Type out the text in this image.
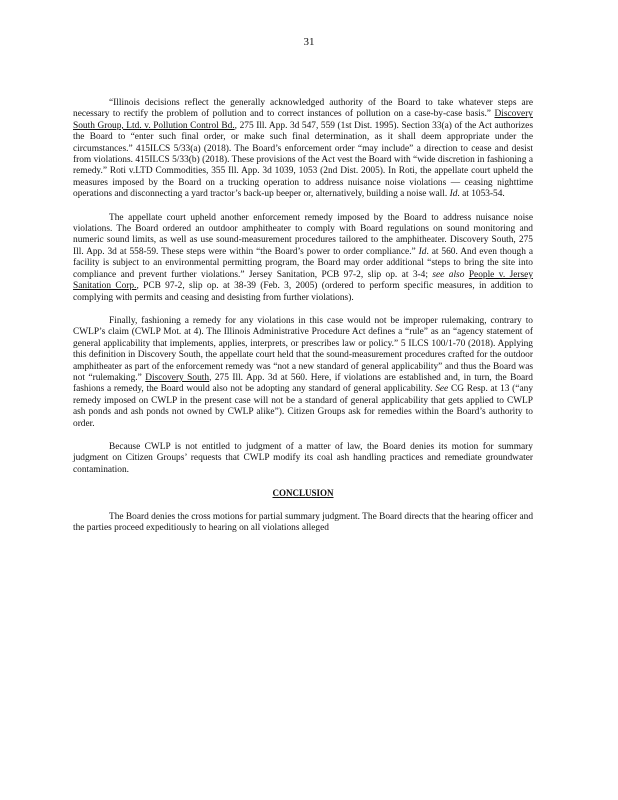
31

“Illinois decisions reflect the generally acknowledged authority of the Board to take whatever steps are necessary to rectify the problem of pollution and to correct instances of pollution on a case-by-case basis.” Discovery South Group, Ltd. v. Pollution Control Bd., 275 Ill. App. 3d 547, 559 (1st Dist. 1995). Section 33(a) of the Act authorizes the Board to “enter such final order, or make such final determination, as it shall deem appropriate under the circumstances.” 415ILCS 5/33(a) (2018). The Board’s enforcement order “may include” a direction to cease and desist from violations. 415ILCS 5/33(b) (2018). These provisions of the Act vest the Board with “wide discretion in fashioning a remedy.” Roti v.LTD Commodities, 355 Ill. App. 3d 1039, 1053 (2nd Dist. 2005). In Roti, the appellate court upheld the measures imposed by the Board on a trucking operation to address nuisance noise violations — ceasing nighttime operations and disconnecting a yard tractor’s back-up beeper or, alternatively, building a noise wall. Id. at 1053-54.

The appellate court upheld another enforcement remedy imposed by the Board to address nuisance noise violations. The Board ordered an outdoor amphitheater to comply with Board regulations on sound monitoring and numeric sound limits, as well as use sound-measurement procedures tailored to the amphitheater. Discovery South, 275 Ill. App. 3d at 558-59. These steps were within “the Board’s power to order compliance.” Id. at 560. And even though a facility is subject to an environmental permitting program, the Board may order additional “steps to bring the site into compliance and prevent further violations.” Jersey Sanitation, PCB 97-2, slip op. at 3-4; see also People v. Jersey Sanitation Corp., PCB 97-2, slip op. at 38-39 (Feb. 3, 2005) (ordered to perform specific measures, in addition to complying with permits and ceasing and desisting from further violations).

Finally, fashioning a remedy for any violations in this case would not be improper rulemaking, contrary to CWLP’s claim (CWLP Mot. at 4). The Illinois Administrative Procedure Act defines a “rule” as an “agency statement of general applicability that implements, applies, interprets, or prescribes law or policy.” 5 ILCS 100/1-70 (2018). Applying this definition in Discovery South, the appellate court held that the sound-measurement procedures crafted for the outdoor amphitheater as part of the enforcement remedy was “not a new standard of general applicability” and thus the Board was not “rulemaking.” Discovery South, 275 Ill. App. 3d at 560. Here, if violations are established and, in turn, the Board fashions a remedy, the Board would also not be adopting any standard of general applicability. See CG Resp. at 13 (“any remedy imposed on CWLP in the present case will not be a standard of general applicability that gets applied to CWLP ash ponds and ash ponds not owned by CWLP alike”). Citizen Groups ask for remedies within the Board’s authority to order.

Because CWLP is not entitled to judgment of a matter of law, the Board denies its motion for summary judgment on Citizen Groups’ requests that CWLP modify its coal ash handling practices and remediate groundwater contamination.

CONCLUSION

The Board denies the cross motions for partial summary judgment. The Board directs that the hearing officer and the parties proceed expeditiously to hearing on all violations alleged
